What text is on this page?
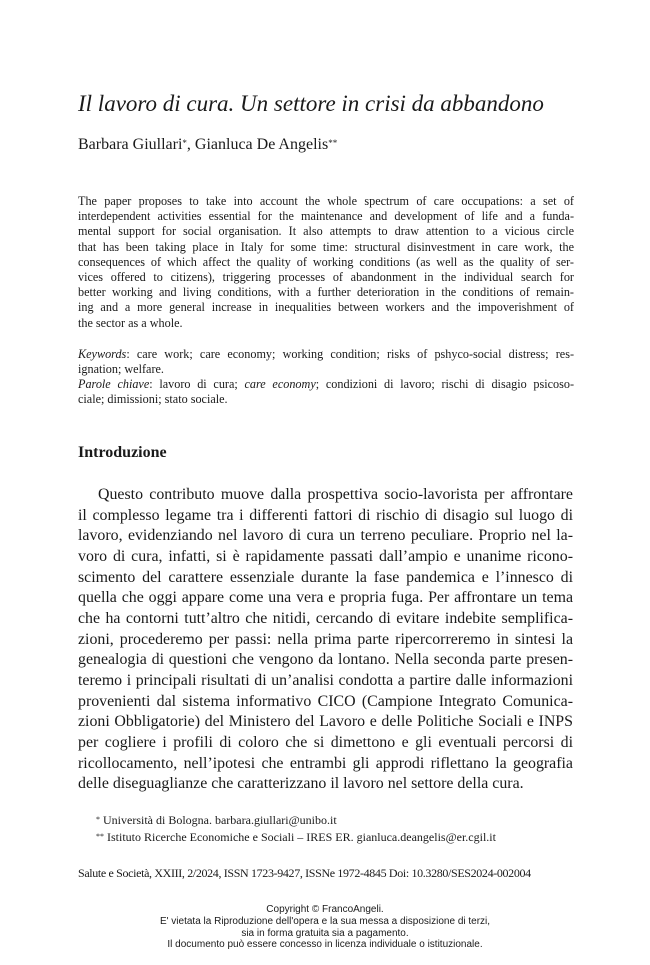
Il lavoro di cura. Un settore in crisi da abbandono
Barbara Giullari*, Gianluca De Angelis**

The paper proposes to take into account the whole spectrum of care occupations: a set of
interdependent activities essential for the maintenance and development of life and a funda-
mental support for social organisation. It also attempts to draw attention to a vicious circle
that has been taking place in Italy for some time: structural disinvestment in care work, the
consequences of which affect the quality of working conditions (as well as the quality of ser-
vices offered to citizens), triggering processes of abandonment in the individual search for
better working and living conditions, with a further deterioration in the conditions of remain-
ing and a more general increase in inequalities between workers and the impoverishment of
the sector as a whole.

Keywords: care work; care economy; working condition; risks of pshyco-social distress; res-
ignation; welfare.

Parole chiave: lavoro di cura; care economy; condizioni di lavoro; rischi di disagio psicoso-
ciale; dimissioni; stato sociale.

Introduzione

Questo contributo muove dalla prospettiva socio-lavorista per affrontare
il complesso legame tra i differenti fattori di rischio di disagio sul luogo di
lavoro, evidenziando nel lavoro di cura un terreno peculiare. Proprio nel la-
voro di cura, infatti, si è rapidamente passati dall’ampio e unanime ricono-
scimento del carattere essenziale durante la fase pandemica e l’innesco di
quella che oggi appare come una vera e propria fuga. Per affrontare un tema
che ha contorni tutt’altro che nitidi, cercando di evitare indebite semplifica-
zioni, procederemo per passi: nella prima parte ripercorreremo in sintesi la
genealogia di questioni che vengono da lontano. Nella seconda parte presen-
teremo i principali risultati di un’analisi condotta a partire dalle informazioni
provenienti dal sistema informativo CICO (Campione Integrato Comunica-
zioni Obbligatorie) del Ministero del Lavoro e delle Politiche Sociali e INPS
per cogliere i profili di coloro che si dimettono e gli eventuali percorsi di
ricollocamento, nell’ipotesi che entrambi gli approdi riflettano la geografia
delle diseguaglianze che caratterizzano il lavoro nel settore della cura.

* Università di Bologna. barbara.giullari@unibo.it
** Istituto Ricerche Economiche e Sociali – IRES ER. gianluca.deangelis@er.cgil.it
Salute e Società, XXIII, 2/2024, ISSN 1723-9427, ISSNe 1972-4845 Doi: 10.3280/SES2024-002004
Copyright © FrancoAngeli.
E' vietata la Riproduzione dell'opera e la sua messa a disposizione di terzi,
sia in forma gratuita sia a pagamento.
Il documento può essere concesso in licenza individuale o istituzionale.
